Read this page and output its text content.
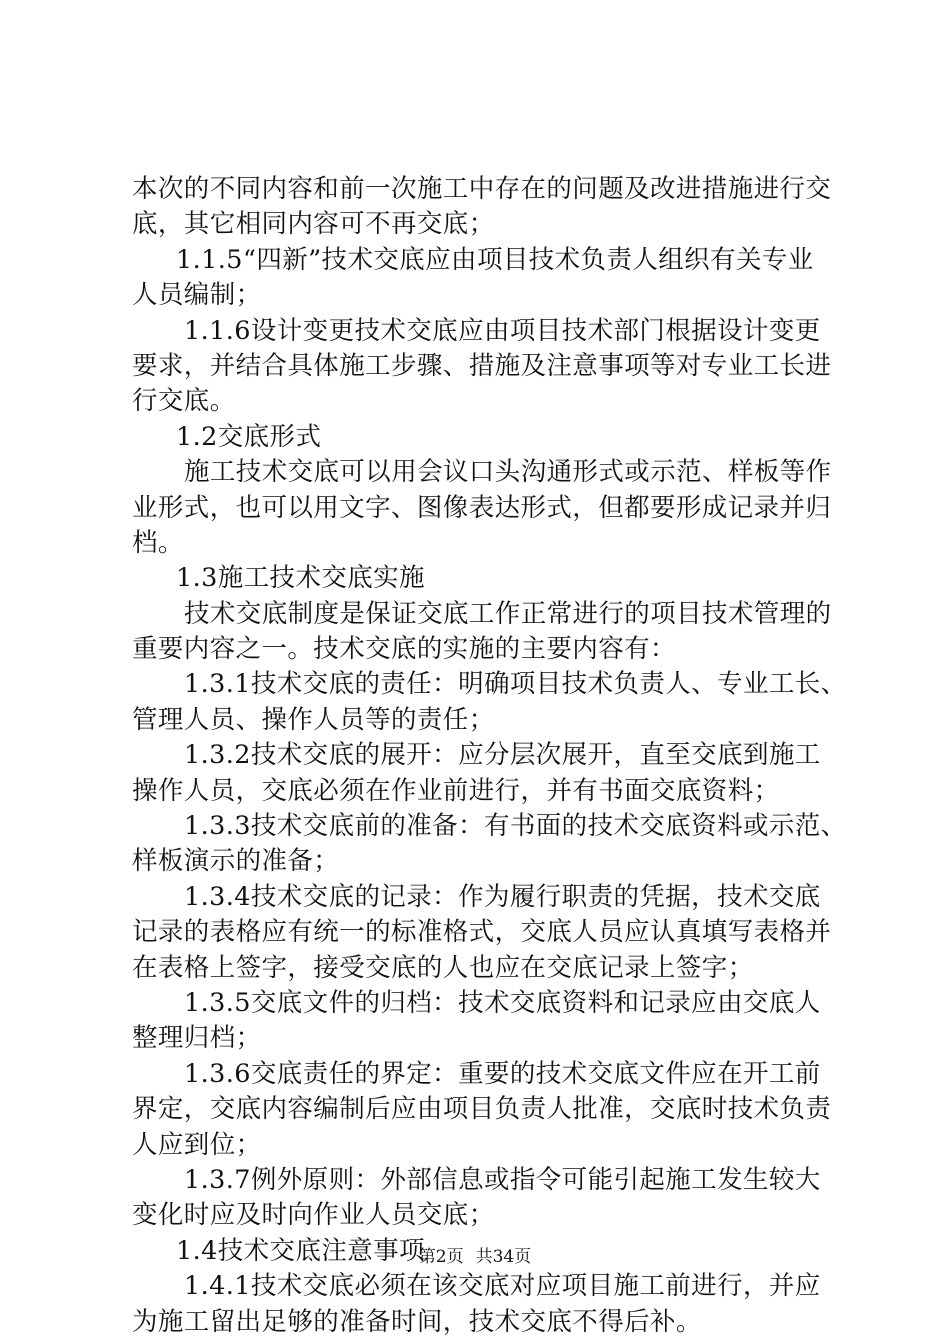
本次的不同内容和前一次施工中存在的问题及改进措施进行交
底，其它相同内容可不再交底；
1.1.5“四新”技术交底应由项目技术负责人组织有关专业
人员编制；
1.1.6设计变更技术交底应由项目技术部门根据设计变更
要求，并结合具体施工步骤、措施及注意事项等对专业工长进
行交底。
1.2交底形式
施工技术交底可以用会议口头沟通形式或示范、样板等作
业形式，也可以用文字、图像表达形式，但都要形成记录并归
档。
1.3施工技术交底实施
技术交底制度是保证交底工作正常进行的项目技术管理的
重要内容之一。技术交底的实施的主要内容有：
1.3.1技术交底的责任：明确项目技术负责人、专业工长、
管理人员、操作人员等的责任；
1.3.2技术交底的展开：应分层次展开，直至交底到施工
操作人员，交底必须在作业前进行，并有书面交底资料；
1.3.3技术交底前的准备：有书面的技术交底资料或示范、
样板演示的准备；
1.3.4技术交底的记录：作为履行职责的凭据，技术交底
记录的表格应有统一的标准格式，交底人员应认真填写表格并
在表格上签字，接受交底的人也应在交底记录上签字；
1.3.5交底文件的归档：技术交底资料和记录应由交底人
整理归档；
1.3.6交底责任的界定：重要的技术交底文件应在开工前
界定，交底内容编制后应由项目负责人批准，交底时技术负责
人应到位；
1.3.7例外原则：外部信息或指令可能引起施工发生较大
变化时应及时向作业人员交底；
1.4技术交底注意事项
1.4.1技术交底必须在该交底对应项目施工前进行，并应
为施工留出足够的准备时间，技术交底不得后补。
第2页 共34页
